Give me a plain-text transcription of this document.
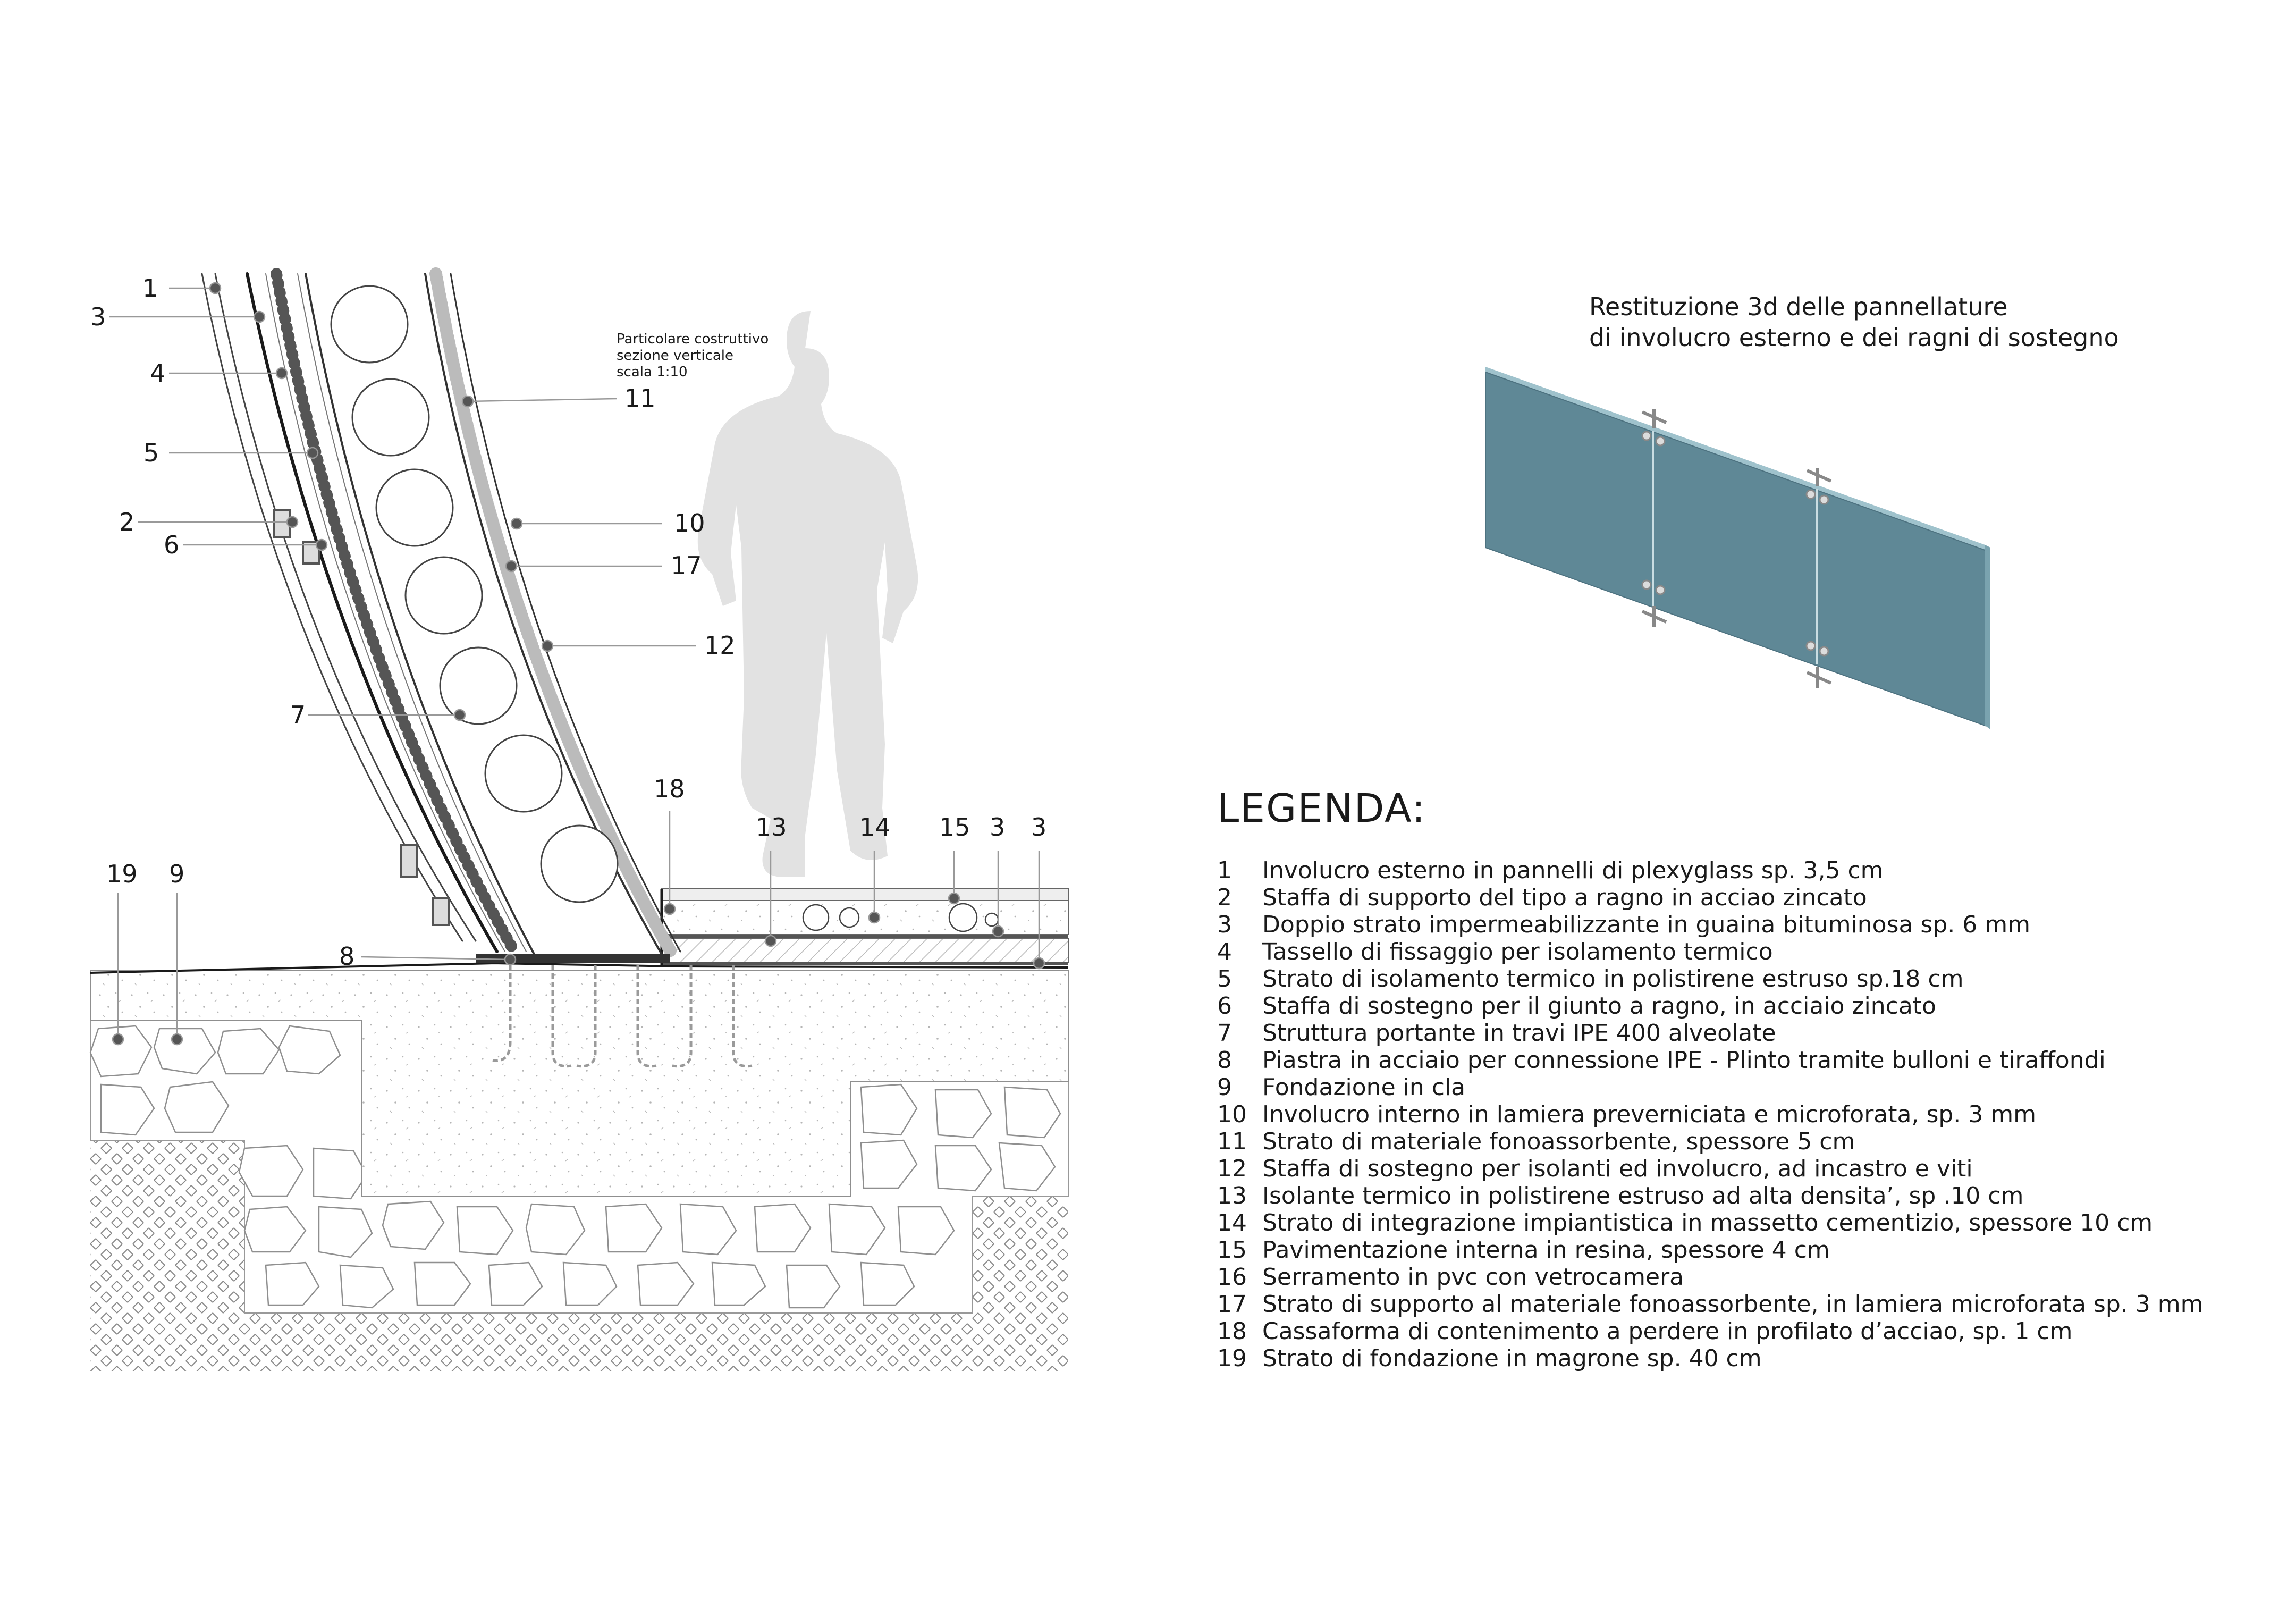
1
3
4
5
2
6
7
11
10
17
12
18
13	14 15 3 3
19 9
8
Particolare costruttivo
sezione verticale
scala 1:10
Restituzione 3d delle pannellature
di involucro esterno e dei ragni di sostegno
LEGENDA:
1 Involucro esterno in pannelli di plexyglass sp. 3,5 cm
2 Staffa di supporto del tipo a ragno in acciao zincato
3 Doppio strato impermeabilizzante in guaina bituminosa sp. 6 mm
4 Tassello di fissaggio per isolamento termico
5 Strato di isolamento termico in polistirene estruso sp.18 cm
6 Staffa di sostegno per il giunto a ragno, in acciaio zincato
7 Struttura portante in travi IPE 400 alveolate
8 Piastra in acciaio per connessione IPE - Plinto tramite bulloni e tiraffondi
9 Fondazione in cla
10 Involucro interno in lamiera preverniciata e microforata, sp. 3 mm
11 Strato di materiale fonoassorbente, spessore 5 cm
12 Staffa di sostegno per isolanti ed involucro, ad incastro e viti
13 Isolante termico in polistirene estruso ad alta densita’, sp .10 cm
14 Strato di integrazione impiantistica in massetto cementizio, spessore 10 cm
15 Pavimentazione interna in resina, spessore 4 cm
16 Serramento in pvc con vetrocamera
17 Strato di supporto al materiale fonoassorbente, in lamiera microforata sp. 3 mm
18 Cassaforma di contenimento a perdere in profilato d’acciao, sp. 1 cm
19 Strato di fondazione in magrone sp. 40 cm
